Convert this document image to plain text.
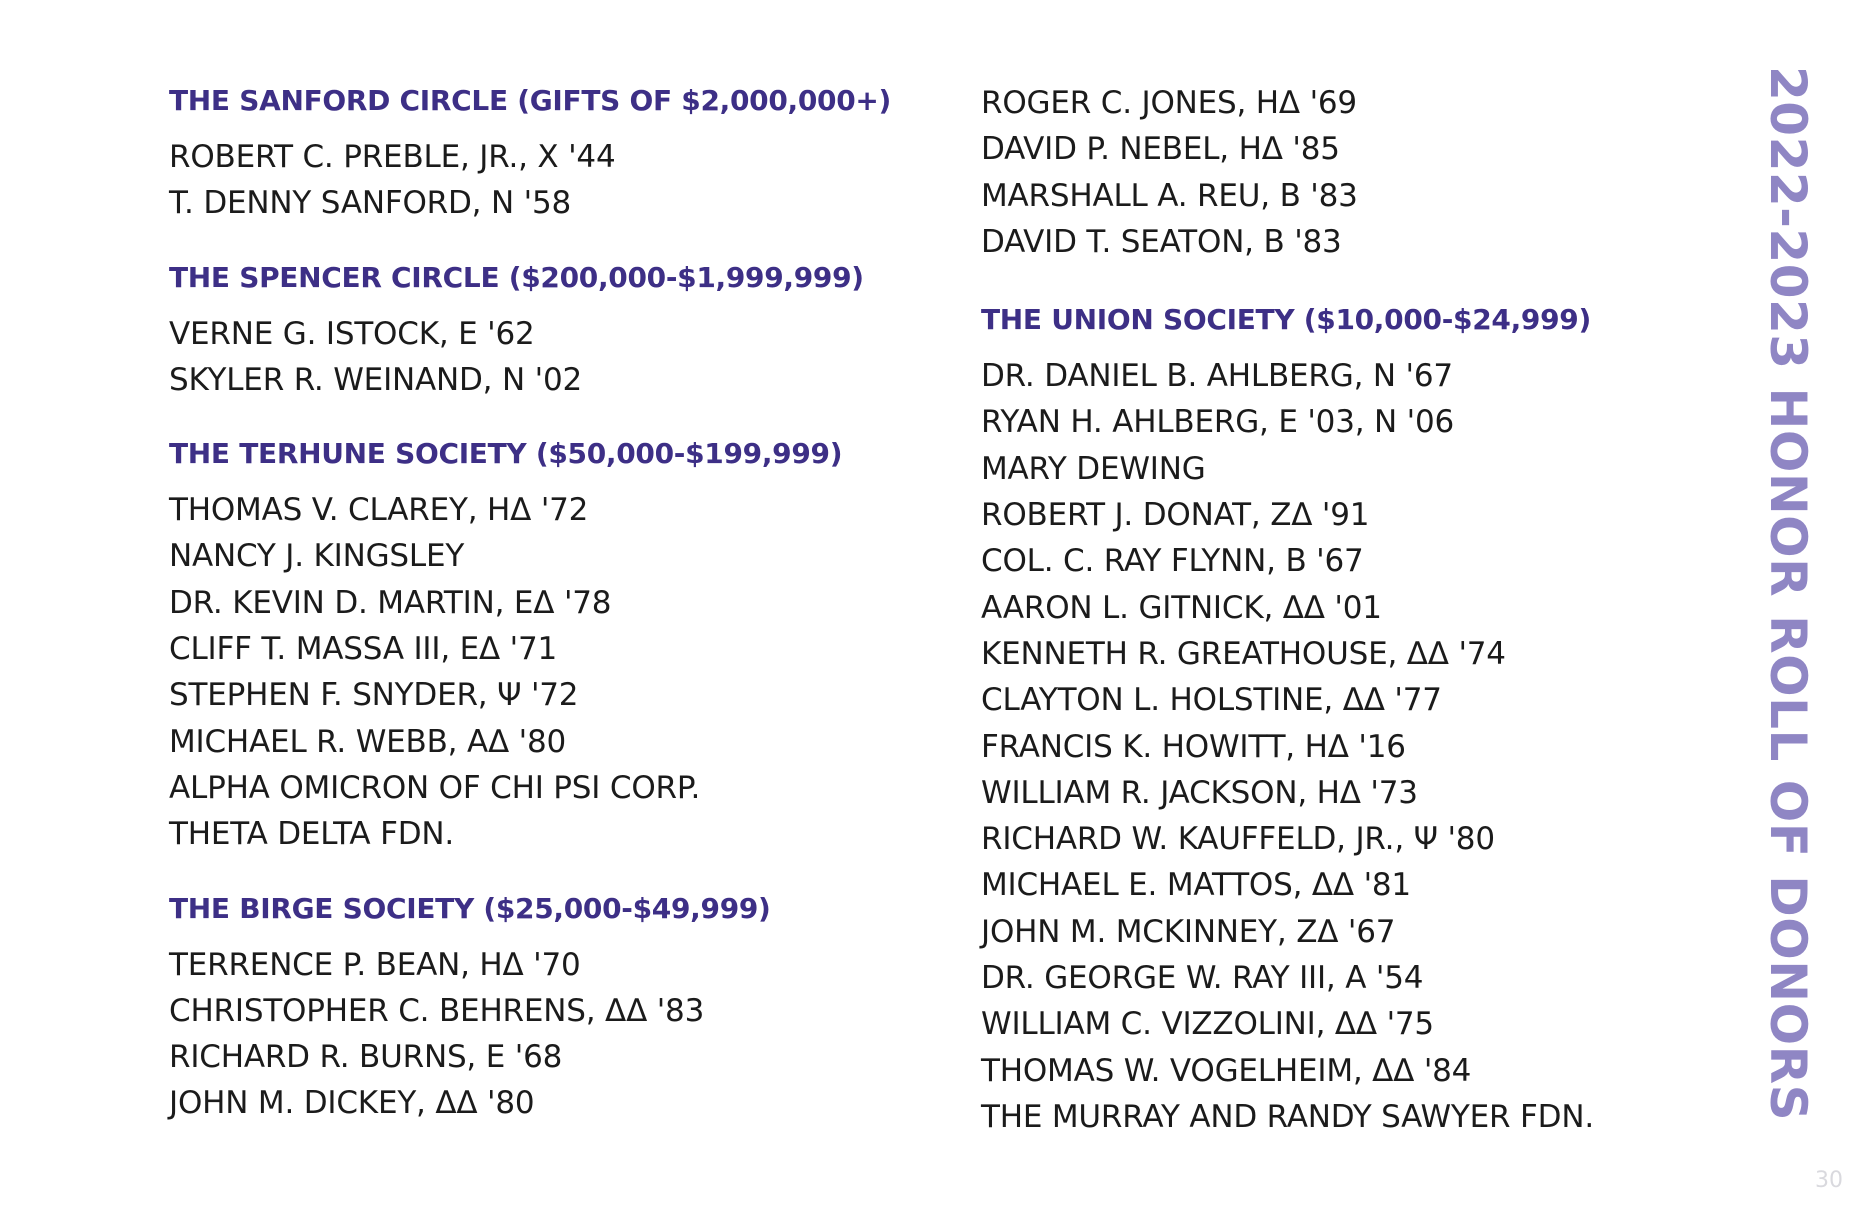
THE SANFORD CIRCLE (GIFTS OF $2,000,000+)
ROBERT C. PREBLE, JR., X '44
T. DENNY SANFORD, N '58
THE SPENCER CIRCLE ($200,000-$1,999,999)
VERNE G. ISTOCK, E '62
SKYLER R. WEINAND, N '02
THE TERHUNE SOCIETY ($50,000-$199,999)
THOMAS V. CLAREY, HΔ '72
NANCY J. KINGSLEY
DR. KEVIN D. MARTIN, EΔ '78
CLIFF T. MASSA III, EΔ '71
STEPHEN F. SNYDER, Ψ '72
MICHAEL R. WEBB, AΔ '80
ALPHA OMICRON OF CHI PSI CORP.
THETA DELTA FDN.
THE BIRGE SOCIETY ($25,000-$49,999)
TERRENCE P. BEAN, HΔ '70
CHRISTOPHER C. BEHRENS, ΔΔ '83
RICHARD R. BURNS, E '68
JOHN M. DICKEY, ΔΔ '80
ROGER C. JONES, HΔ '69
DAVID P. NEBEL, HΔ '85
MARSHALL A. REU, B '83
DAVID T. SEATON, B '83
THE UNION SOCIETY ($10,000-$24,999)
DR. DANIEL B. AHLBERG, N '67
RYAN H. AHLBERG, E '03, N '06
MARY DEWING
ROBERT J. DONAT, ZΔ '91
COL. C. RAY FLYNN, B '67
AARON L. GITNICK, ΔΔ '01
KENNETH R. GREATHOUSE, ΔΔ '74
CLAYTON L. HOLSTINE, ΔΔ '77
FRANCIS K. HOWITT, HΔ '16
WILLIAM R. JACKSON, HΔ '73
RICHARD W. KAUFFELD, JR., Ψ '80
MICHAEL E. MATTOS, ΔΔ '81
JOHN M. MCKINNEY, ZΔ '67
DR. GEORGE W. RAY III, A '54
WILLIAM C. VIZZOLINI, ΔΔ '75
THOMAS W. VOGELHEIM, ΔΔ '84
THE MURRAY AND RANDY SAWYER FDN.	2022-2023 HONOR ROLL OF DONORS
30
